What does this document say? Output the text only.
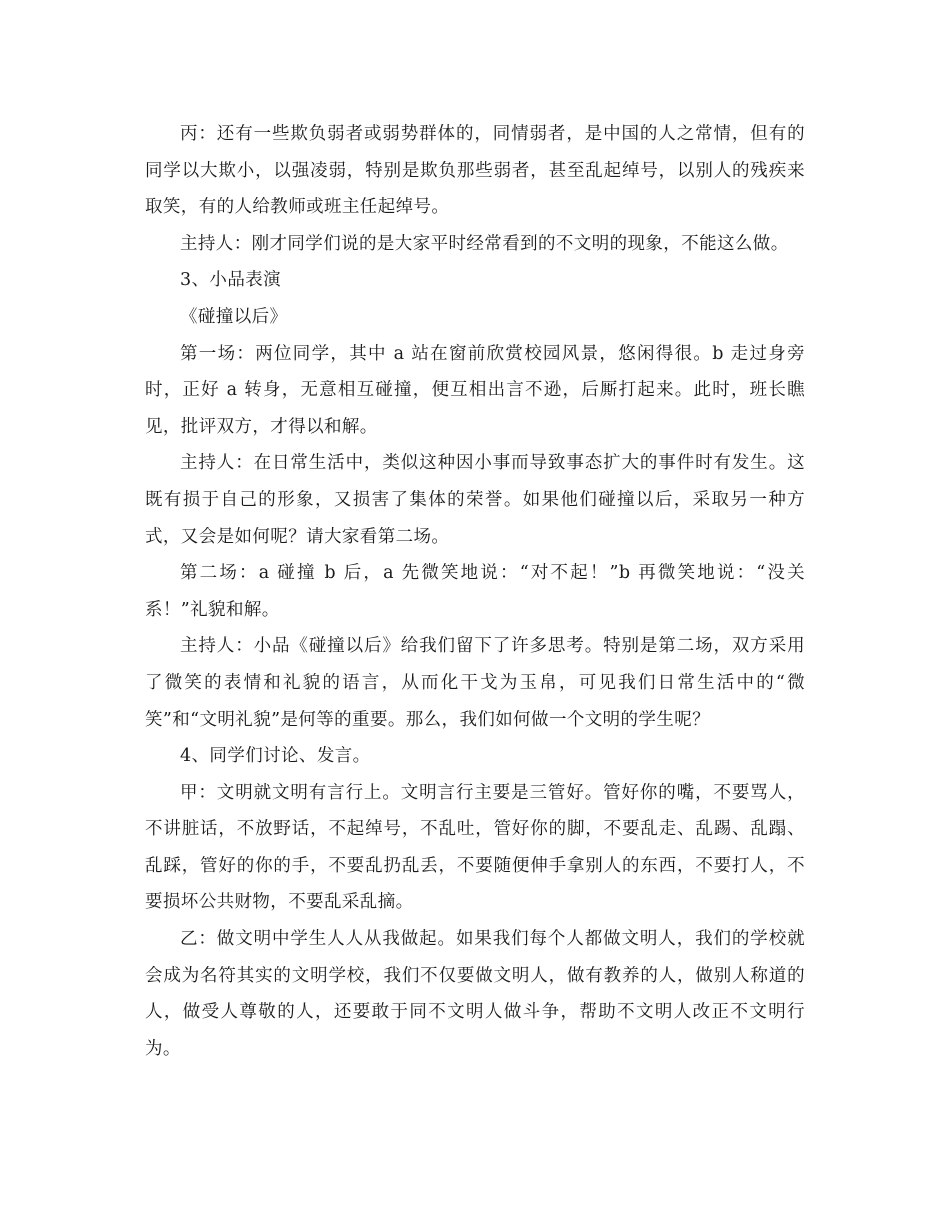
丙：还有一些欺负弱者或弱势群体的，同情弱者，是中国的人之常情，但有的同学以大欺小，以强凌弱，特别是欺负那些弱者，甚至乱起绰号，以别人的残疾来取笑，有的人给教师或班主任起绰号。

主持人：刚才同学们说的是大家平时经常看到的不文明的现象，不能这么做。

3、小品表演

《碰撞以后》

第一场：两位同学，其中 a 站在窗前欣赏校园风景，悠闲得很。b 走过身旁时，正好 a 转身，无意相互碰撞，便互相出言不逊，后厮打起来。此时，班长瞧见，批评双方，才得以和解。

主持人：在日常生活中，类似这种因小事而导致事态扩大的事件时有发生。这既有损于自己的形象，又损害了集体的荣誉。如果他们碰撞以后，采取另一种方式，又会是如何呢？请大家看第二场。

第二场：a 碰撞 b 后，a 先微笑地说：“对不起！”b 再微笑地说：“没关系！”礼貌和解。

主持人：小品《碰撞以后》给我们留下了许多思考。特别是第二场，双方采用了微笑的表情和礼貌的语言，从而化干戈为玉帛，可见我们日常生活中的“微笑”和“文明礼貌”是何等的重要。那么，我们如何做一个文明的学生呢？

4、同学们讨论、发言。

甲：文明就文明有言行上。文明言行主要是三管好。管好你的嘴，不要骂人，不讲脏话，不放野话，不起绰号，不乱吐，管好你的脚，不要乱走、乱踢、乱蹋、乱踩，管好的你的手，不要乱扔乱丢，不要随便伸手拿别人的东西，不要打人，不要损坏公共财物，不要乱采乱摘。

乙：做文明中学生人人从我做起。如果我们每个人都做文明人，我们的学校就会成为名符其实的文明学校，我们不仅要做文明人，做有教养的人，做别人称道的人，做受人尊敬的人，还要敢于同不文明人做斗争，帮助不文明人改正不文明行为。
